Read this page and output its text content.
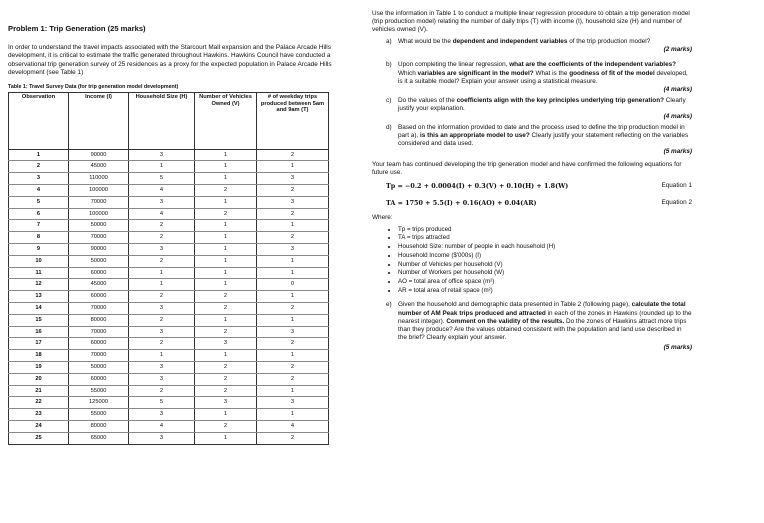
Problem 1: Trip Generation (25 marks)

In order to understand the travel impacts associated with the Starcourt Mall expansion and the Palace Arcade Hills development, it is critical to estimate the traffic generated throughout Hawkins. Hawkins Council have conducted a observational trip generation survey of 25 residences as a proxy for the expected population in Palace Arcade Hills development (see Table 1)

Table 1: Travel Survey Data (for trip generation model development)
Observation	Income (I)	Household Size (H)	Number of Vehicles Owned (V)	# of weekday trips produced between 5am and 9am (T)
1	90000	3	1	2
2	45000	1	1	1
3	110000	5	1	3
4	100000	4	2	2
5	70000	3	1	3
6	100000	4	2	2
7	50000	2	1	1
8	70000	2	1	2
9	90000	3	1	3
10	50000	2	1	1
11	60000	1	1	1
12	45000	1	1	0
13	60000	2	2	1
14	70000	3	2	2
15	80000	2	1	1
16	70000	3	2	3
17	60000	2	3	2
18	70000	1	1	1
19	50000	3	2	2
20	60000	3	2	2
21	55000	2	2	1
22	125000	5	3	3
23	55000	3	1	1
24	80000	4	2	4
25	65000	3	1	2

Use the information in Table 1 to conduct a multiple linear regression procedure to obtain a trip generation model (trip production model) relating the number of daily trips (T) with income (I), household size (H) and number of vehicles owned (V).

a) What would be the dependent and independent variables of the trip production model?

(2 marks)

b) Upon completing the linear regression, what are the coefficients of the independent variables? Which variables are significant in the model? What is the goodness of fit of the model developed, is it a suitable model? Explain your answer using a statistical measure.

(4 marks)

c) Do the values of the coefficients align with the key principles underlying trip generation? Clearly justify your explanation.

(4 marks)

d) Based on the information provided to date and the process used to define the trip production model in part a), is this an appropriate model to use? Clearly justify your statement reflecting on the variables considered and data used.

(5 marks)

Your team has continued developing the trip generation model and have confirmed the following equations for future use.

Tp = −0.2 + 0.0004(I) + 0.3(V) + 0.10(H) + 1.8(W)	Equation 1
TA = 1750 + 5.5(I) + 0.16(AO) + 0.04(AR)	Equation 2

Where:

• Tp = trips produced
• TA = trips attracted
• Household Size: number of people in each household (H)
• Household Income ($'000s) (I)
• Number of Vehicles per household (V)
• Number of Workers per household (W)
• AO = total area of office space (m²)
• AR = total area of retail space (m²)

e) Given the household and demographic data presented in Table 2 (following page), calculate the total number of AM Peak trips produced and attracted in each of the zones in Hawkins (rounded up to the nearest integer). Comment on the validity of the results. Do the zones of Hawkins attract more trips than they produce? Are the values obtained consistent with the population and land use described in the brief? Clearly explain your answer.

(5 marks)
